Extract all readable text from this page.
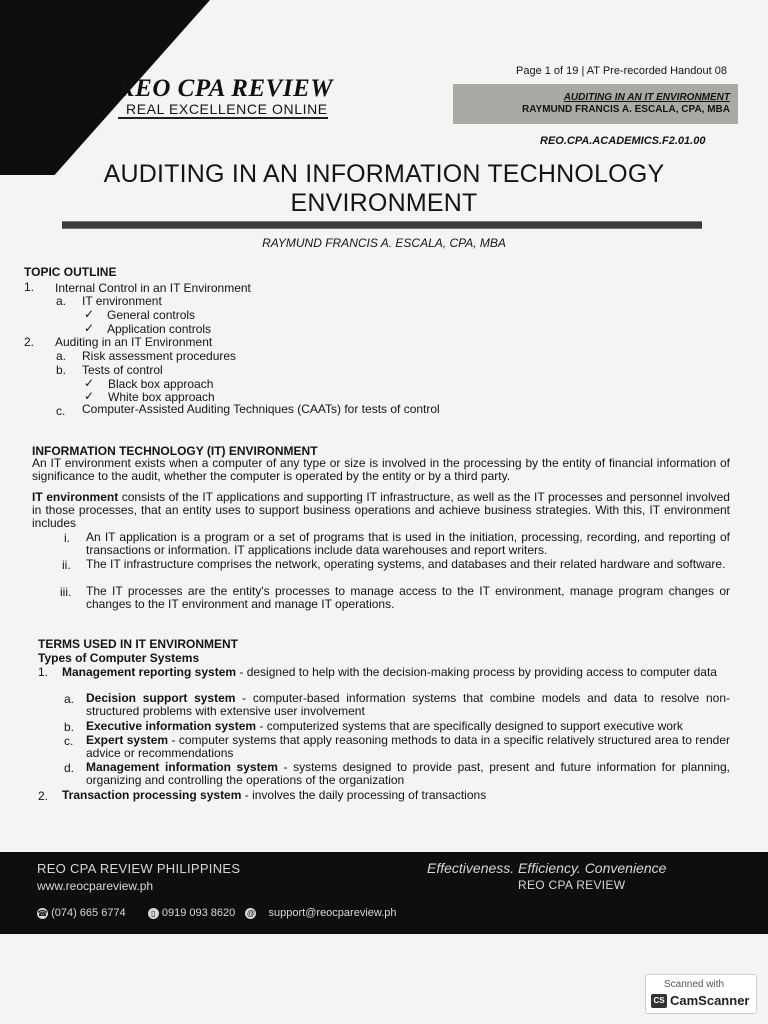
REO CPA REVIEW
REAL EXCELLENCE ONLINE
Page 1 of 19 | AT Pre-recorded Handout 08
AUDITING IN AN IT ENVIRONMENT
RAYMUND FRANCIS A. ESCALA, CPA, MBA
REO.CPA.ACADEMICS.F2.01.00
AUDITING IN AN INFORMATION TECHNOLOGY
ENVIRONMENT
RAYMUND FRANCIS A. ESCALA, CPA, MBA
TOPIC OUTLINE
1. Internal Control in an IT Environment
a. IT environment
✓ General controls
✓ Application controls
2. Auditing in an IT Environment
a. Risk assessment procedures
b. Tests of control
✓ Black box approach
✓ White box approach
c. Computer-Assisted Auditing Techniques (CAATs) for tests of control
INFORMATION TECHNOLOGY (IT) ENVIRONMENT
An IT environment exists when a computer of any type or size is involved in the processing by the entity of financial information of significance to the audit, whether the computer is operated by the entity or by a third party.
IT environment consists of the IT applications and supporting IT infrastructure, as well as the IT processes and personnel involved in those processes, that an entity uses to support business operations and achieve business strategies. With this, IT environment includes
i. An IT application is a program or a set of programs that is used in the initiation, processing, recording, and reporting of transactions or information. IT applications include data warehouses and report writers.
ii. The IT infrastructure comprises the network, operating systems, and databases and their related hardware and software.
iii. The IT processes are the entity's processes to manage access to the IT environment, manage program changes or changes to the IT environment and manage IT operations.
TERMS USED IN IT ENVIRONMENT
Types of Computer Systems
1. Management reporting system - designed to help with the decision-making process by providing access to computer data
a. Decision support system - computer-based information systems that combine models and data to resolve non-structured problems with extensive user involvement
b. Executive information system - computerized systems that are specifically designed to support executive work
c. Expert system - computer systems that apply reasoning methods to data in a specific relatively structured area to render advice or recommendations
d. Management information system - systems designed to provide past, present and future information for planning, organizing and controlling the operations of the organization
2. Transaction processing system - involves the daily processing of transactions
REO CPA REVIEW PHILIPPINES
www.reocpareview.ph
Effectiveness. Efficiency. Convenience
REO CPA REVIEW
☎ (074) 665 6774	▯ 0919 093 8620 @ support@reocpareview.ph
Scanned with
CS CamScanner
